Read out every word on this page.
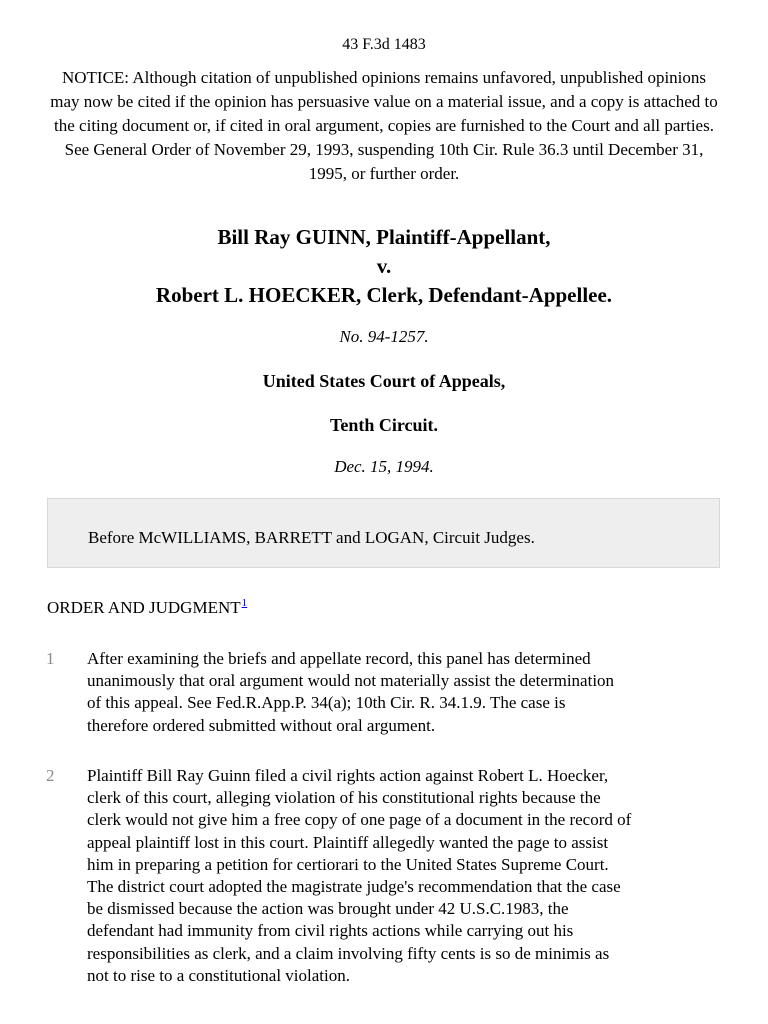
43 F.3d 1483
NOTICE: Although citation of unpublished opinions remains unfavored, unpublished opinions may now be cited if the opinion has persuasive value on a material issue, and a copy is attached to the citing document or, if cited in oral argument, copies are furnished to the Court and all parties. See General Order of November 29, 1993, suspending 10th Cir. Rule 36.3 until December 31, 1995, or further order.
Bill Ray GUINN, Plaintiff-Appellant,
v.
Robert L. HOECKER, Clerk, Defendant-Appellee.
No. 94-1257.
United States Court of Appeals,
Tenth Circuit.
Dec. 15, 1994.
Before McWILLIAMS, BARRETT and LOGAN, Circuit Judges.
ORDER AND JUDGMENT$^1$
1 After examining the briefs and appellate record, this panel has determined
unanimously that oral argument would not materially assist the determination
of this appeal. See Fed.R.App.P. 34(a); 10th Cir. R. 34.1.9. The case is
therefore ordered submitted without oral argument.
2 Plaintiff Bill Ray Guinn filed a civil rights action against Robert L. Hoecker,
clerk of this court, alleging violation of his constitutional rights because the
clerk would not give him a free copy of one page of a document in the record of
appeal plaintiff lost in this court. Plaintiff allegedly wanted the page to assist
him in preparing a petition for certiorari to the United States Supreme Court.
The district court adopted the magistrate judge's recommendation that the case
be dismissed because the action was brought under 42 U.S.C.1983, the
defendant had immunity from civil rights actions while carrying out his
responsibilities as clerk, and a claim involving fifty cents is so de minimis as
not to rise to a constitutional violation.
